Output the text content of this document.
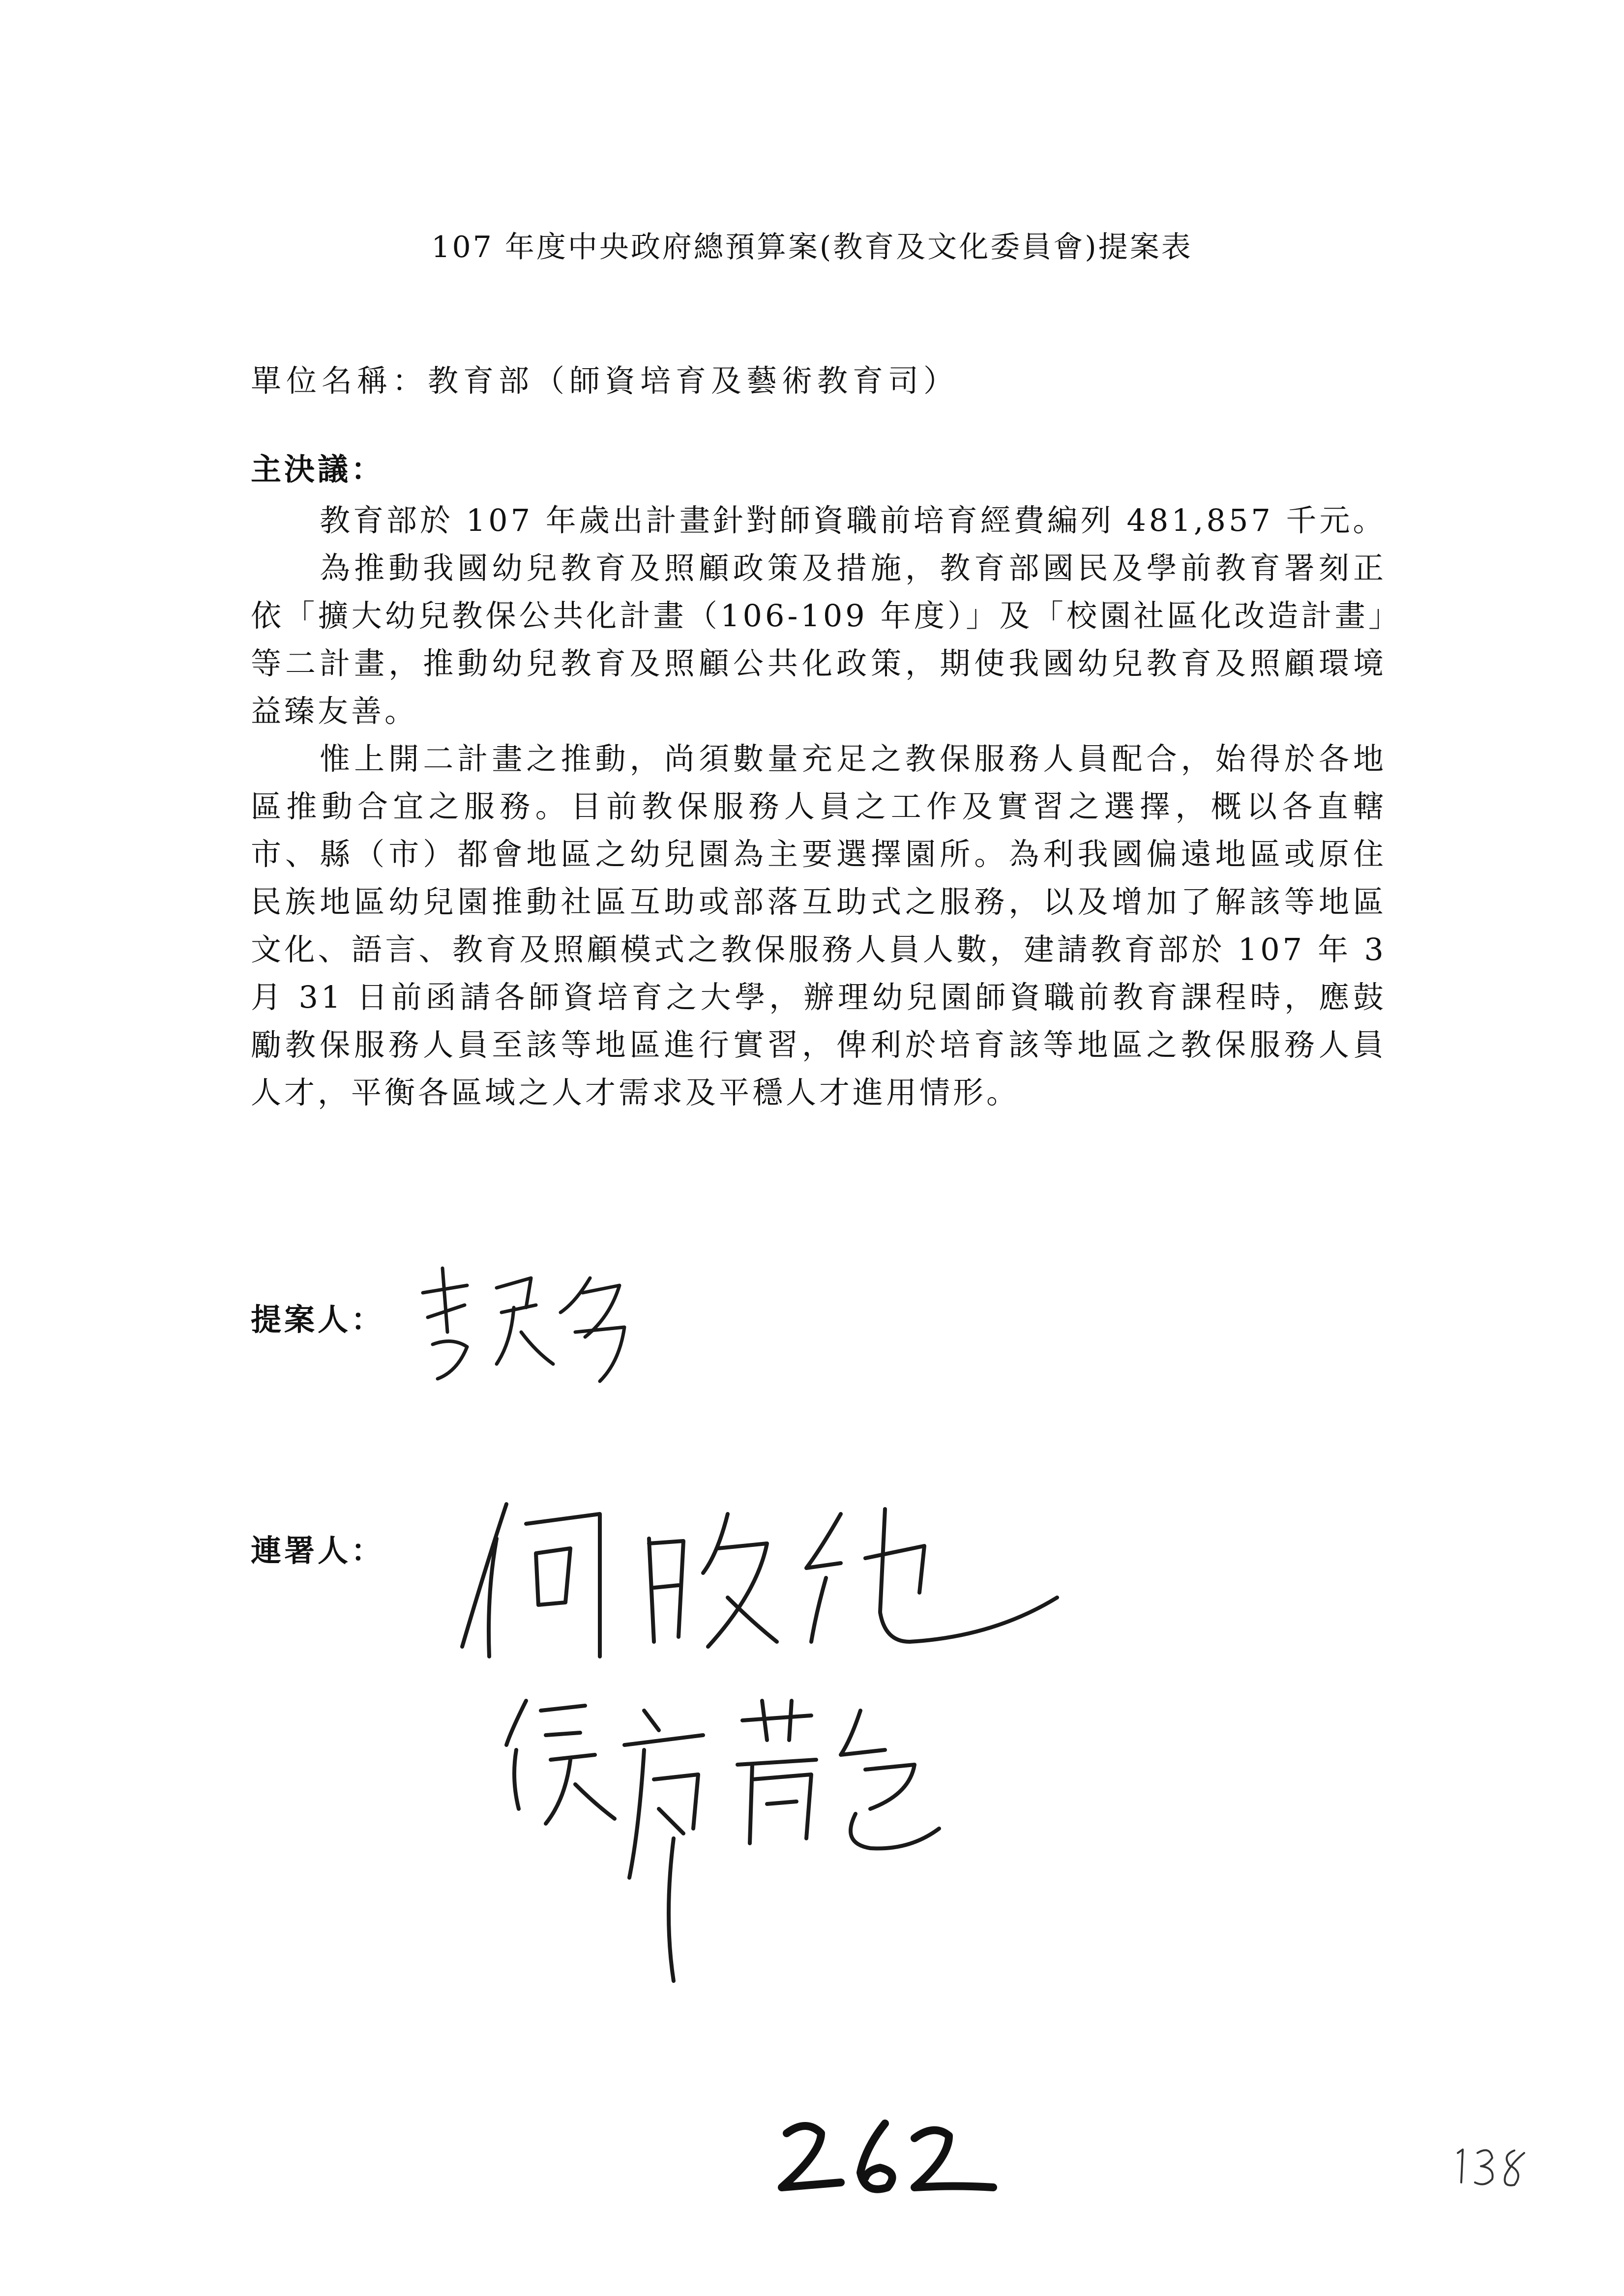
107 年度中央政府總預算案(教育及文化委員會)提案表
單位名稱：教育部（師資培育及藝術教育司）
主決議：

教育部於 107 年歲出計畫針對師資職前培育經費編列 481,857 千元。

為推動我國幼兒教育及照顧政策及措施，教育部國民及學前教育署刻正依「擴大幼兒教保公共化計畫（106-109 年度）」及「校園社區化改造計畫」等二計畫，推動幼兒教育及照顧公共化政策，期使我國幼兒教育及照顧環境益臻友善。

惟上開二計畫之推動，尚須數量充足之教保服務人員配合，始得於各地區推動合宜之服務。目前教保服務人員之工作及實習之選擇，概以各直轄市、縣（市）都會地區之幼兒園為主要選擇園所。為利我國偏遠地區或原住民族地區幼兒園推動社區互助或部落互助式之服務，以及增加了解該等地區文化、語言、教育及照顧模式之教保服務人員人數，建請教育部於 107 年 3 月 31 日前函請各師資培育之大學，辦理幼兒園師資職前教育課程時，應鼓勵教保服務人員至該等地區進行實習，俾利於培育該等地區之教保服務人員人才，平衡各區域之人才需求及平穩人才進用情形。

提案人：
連署人：
